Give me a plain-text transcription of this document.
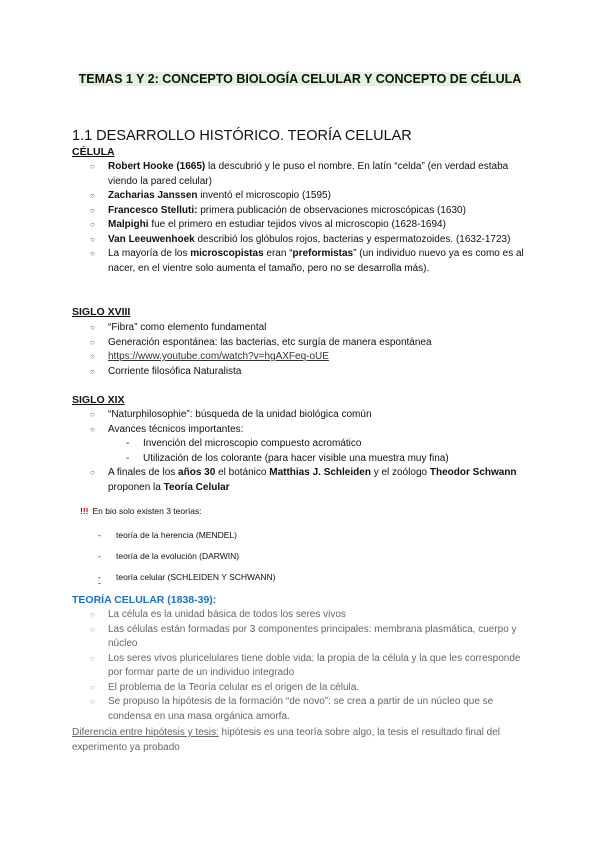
TEMAS 1 Y 2: CONCEPTO BIOLOGÍA CELULAR Y CONCEPTO DE CÉLULA
1.1 DESARROLLO HISTÓRICO. TEORÍA CELULAR
CÉLULA
○ Robert Hooke (1665) la descubrió y le puso el nombre. En latín “celda” (en verdad estaba viendo la pared celular)
○ Zacharias Janssen inventó el microscopio (1595)
○ Francesco Stelluti: primera publicación de observaciones microscópicas (1630)
○ Malpighi fue el primero en estudiar tejidos vivos al microscopio (1628-1694)
○ Van Leeuwenhoek describió los glóbulos rojos, bacterias y espermatozoides. (1632-1723)
○ La mayoría de los microscopistas eran “preformistas” (un individuo nuevo ya es como es al nacer, en el vientre solo aumenta el tamaño, pero no se desarrolla más).
SIGLO XVIII
○ “Fibra” como elemento fundamental
○ Generación espontánea: las bacterias, etc surgía de manera espontánea
○ https://www.youtube.com/watch?v=hgAXFeq-oUE
○ Corriente filosófica Naturalista
SIGLO XIX
○ “Naturphilosophie”: búsqueda de la unidad biológica común
○ Avances técnicos importantes:
- Invención del microscopio compuesto acromático
- Utilización de los colorante (para hacer visible una muestra muy fina)
○ A finales de los años 30 el botánico Matthias J. Schleiden y el zoólogo Theodor Schwann proponen la Teoría Celular
!!! En bio solo existen 3 teorías:
- teoría de la herencia (MENDEL)
- teoría de la evolución (DARWIN)
- teoría celular (SCHLEIDEN Y SCHWANN)
-
TEORÍA CELULAR (1838-39):
○ La célula es la unidad básica de todos los seres vivos
○ Las células están formadas por 3 componentes principales: membrana plasmática, cuerpo y núcleo
○ Los seres vivos pluricelulares tiene doble vida: la propia de la célula y la que les corresponde por formar parte de un individuo integrado
○ El problema de la Teoría celular es el origen de la célula.
○ Se propuso la hipótesis de la formación “de novo”: se crea a partir de un núcleo que se condensa en una masa orgánica amorfa.
Diferencia entre hipótesis y tesis: hipótesis es una teoría sobre algo, la tesis el resultado final del experimento ya probado
